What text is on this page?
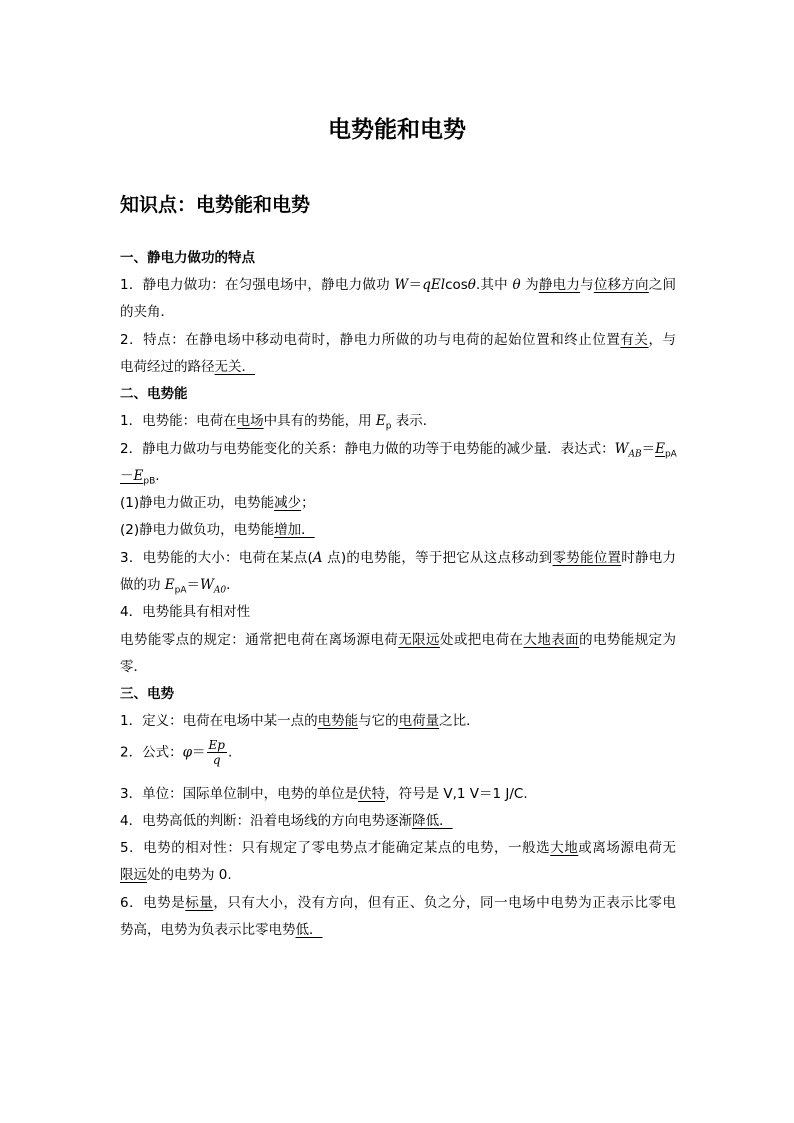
电势能和电势
知识点：电势能和电势

一、静电力做功的特点

1．静电力做功：在匀强电场中，静电力做功 W＝qElcosθ.其中 θ 为静电力与位移方向之间

的夹角．

2．特点：在静电场中移动电荷时，静电力所做的功与电荷的起始位置和终止位置有关，与

电荷经过的路径无关．

二、电势能

1．电势能：电荷在电场中具有的势能，用 $E_p$ 表示．

2．静电力做功与电势能变化的关系：静电力做的功等于电势能的减少量．表达式：$W_{AB}=E_{pA}$

$-E_{pB}$.

(1)静电力做正功，电势能减少；

(2)静电力做负功，电势能增加．

3．电势能的大小：电荷在某点(A 点)的电势能，等于把它从这点移动到零势能位置时静电力

做的功 $E_{pA}=W_{A0}$.

4．电势能具有相对性

电势能零点的规定：通常把电荷在离场源电荷无限远处或把电荷在大地表面的电势能规定为

零．

三、电势

1．定义：电荷在电场中某一点的电势能与它的电荷量之比．

2．公式：$\varphi= \frac{Ep}{q}$ .

3．单位：国际单位制中，电势的单位是伏特，符号是 V,1 V＝1 J/C.

4．电势高低的判断：沿着电场线的方向电势逐渐降低．

5．电势的相对性：只有规定了零电势点才能确定某点的电势，一般选大地或离场源电荷无

限远处的电势为 0.

6．电势是标量，只有大小，没有方向，但有正、负之分，同一电场中电势为正表示比零电

势高，电势为负表示比零电势低．
